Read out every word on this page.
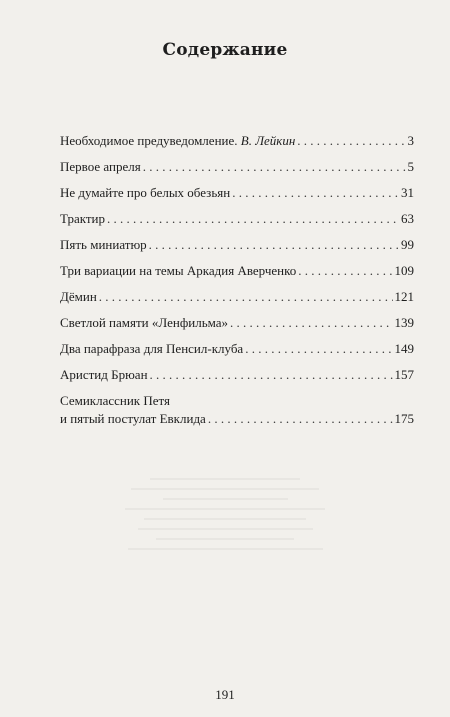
Содержание
Необходимое предуведомление. В. Лейкин . . .	3
Первое апреля . . .	5
Не думайте про белых обезьян . . .	31
Трактир . . .	63
Пять миниатюр . . .	99
Три вариации на темы Аркадия Аверченко . . .	109
Дёмин . . .	121
Светлой памяти «Ленфильма» . . .	139
Два парафраза для Пенсил-клуба . . .	149
Аристид Брюан . . .	157
Семиклассник Петя
и пятый постулат Евклида . . .	175
191
